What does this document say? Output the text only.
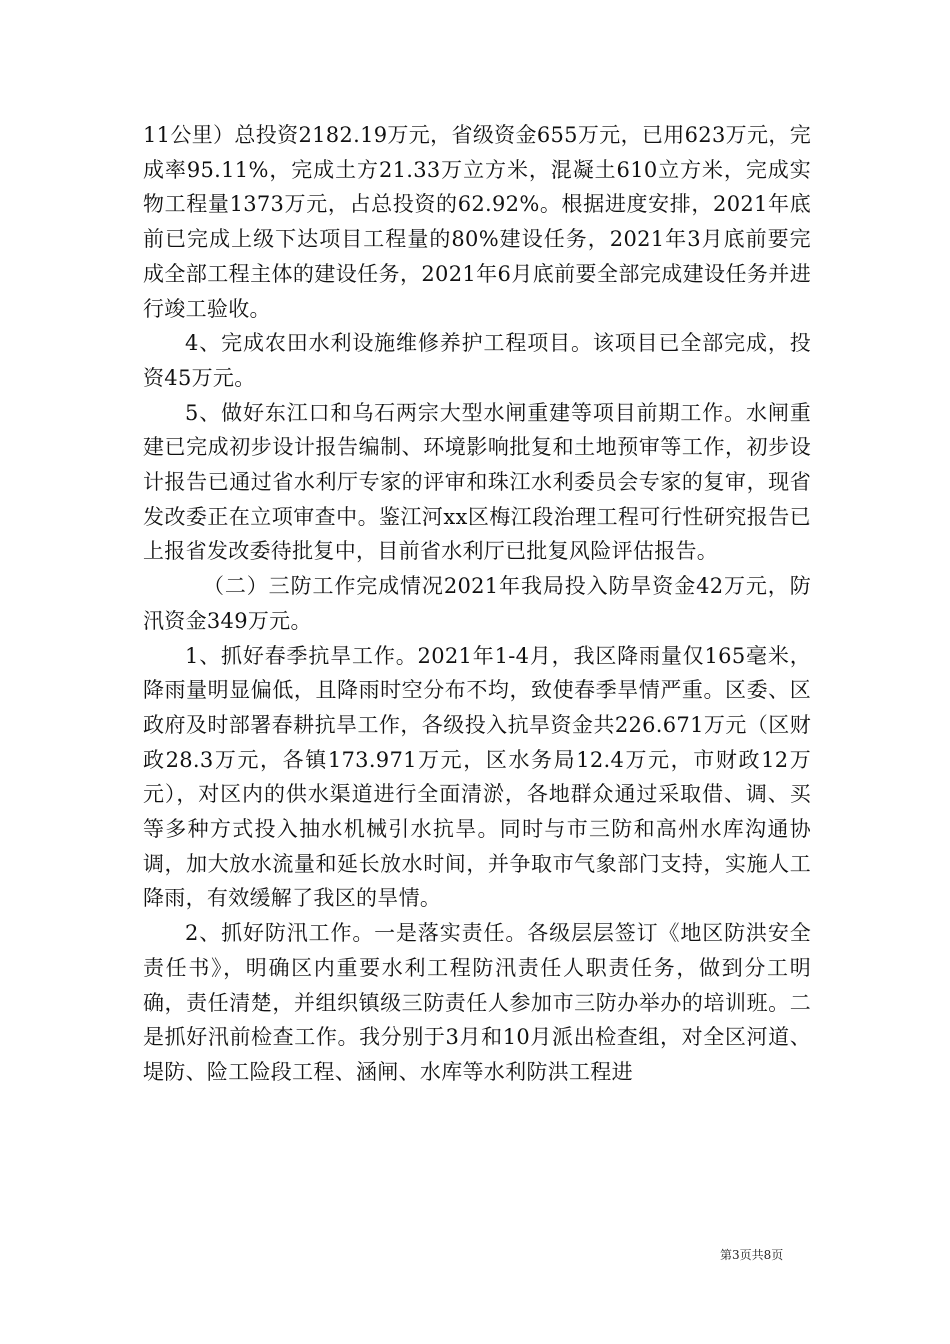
11公里）总投资2182.19万元，省级资金655万元，已用623万元，完成率95.11%，完成土方21.33万立方米，混凝土610立方米，完成实物工程量1373万元，占总投资的62.92%。根据进度安排，2021年底前已完成上级下达项目工程量的80%建设任务，2021年3月底前要完成全部工程主体的建设任务，2021年6月底前要全部完成建设任务并进行竣工验收。

4、完成农田水利设施维修养护工程项目。该项目已全部完成，投资45万元。

5、做好东江口和乌石两宗大型水闸重建等项目前期工作。水闸重建已完成初步设计报告编制、环境影响批复和土地预审等工作，初步设计报告已通过省水利厅专家的评审和珠江水利委员会专家的复审，现省发改委正在立项审查中。鉴江河xx区梅江段治理工程可行性研究报告已上报省发改委待批复中，目前省水利厅已批复风险评估报告。

（二）三防工作完成情况2021年我局投入防旱资金42万元，防汛资金349万元。

1、抓好春季抗旱工作。2021年1-4月，我区降雨量仅165毫米，降雨量明显偏低，且降雨时空分布不均，致使春季旱情严重。区委、区政府及时部署春耕抗旱工作，各级投入抗旱资金共226.671万元（区财政28.3万元，各镇173.971万元，区水务局12.4万元，市财政12万元），对区内的供水渠道进行全面清淤，各地群众通过采取借、调、买等多种方式投入抽水机械引水抗旱。同时与市三防和高州水库沟通协调，加大放水流量和延长放水时间，并争取市气象部门支持，实施人工降雨，有效缓解了我区的旱情。

2、抓好防汛工作。一是落实责任。各级层层签订《地区防洪安全责任书》，明确区内重要水利工程防汛责任人职责任务，做到分工明确，责任清楚，并组织镇级三防责任人参加市三防办举办的培训班。二是抓好汛前检查工作。我分别于3月和10月派出检查组，对全区河道、堤防、险工险段工程、涵闸、水库等水利防洪工程进

第3页共8页
